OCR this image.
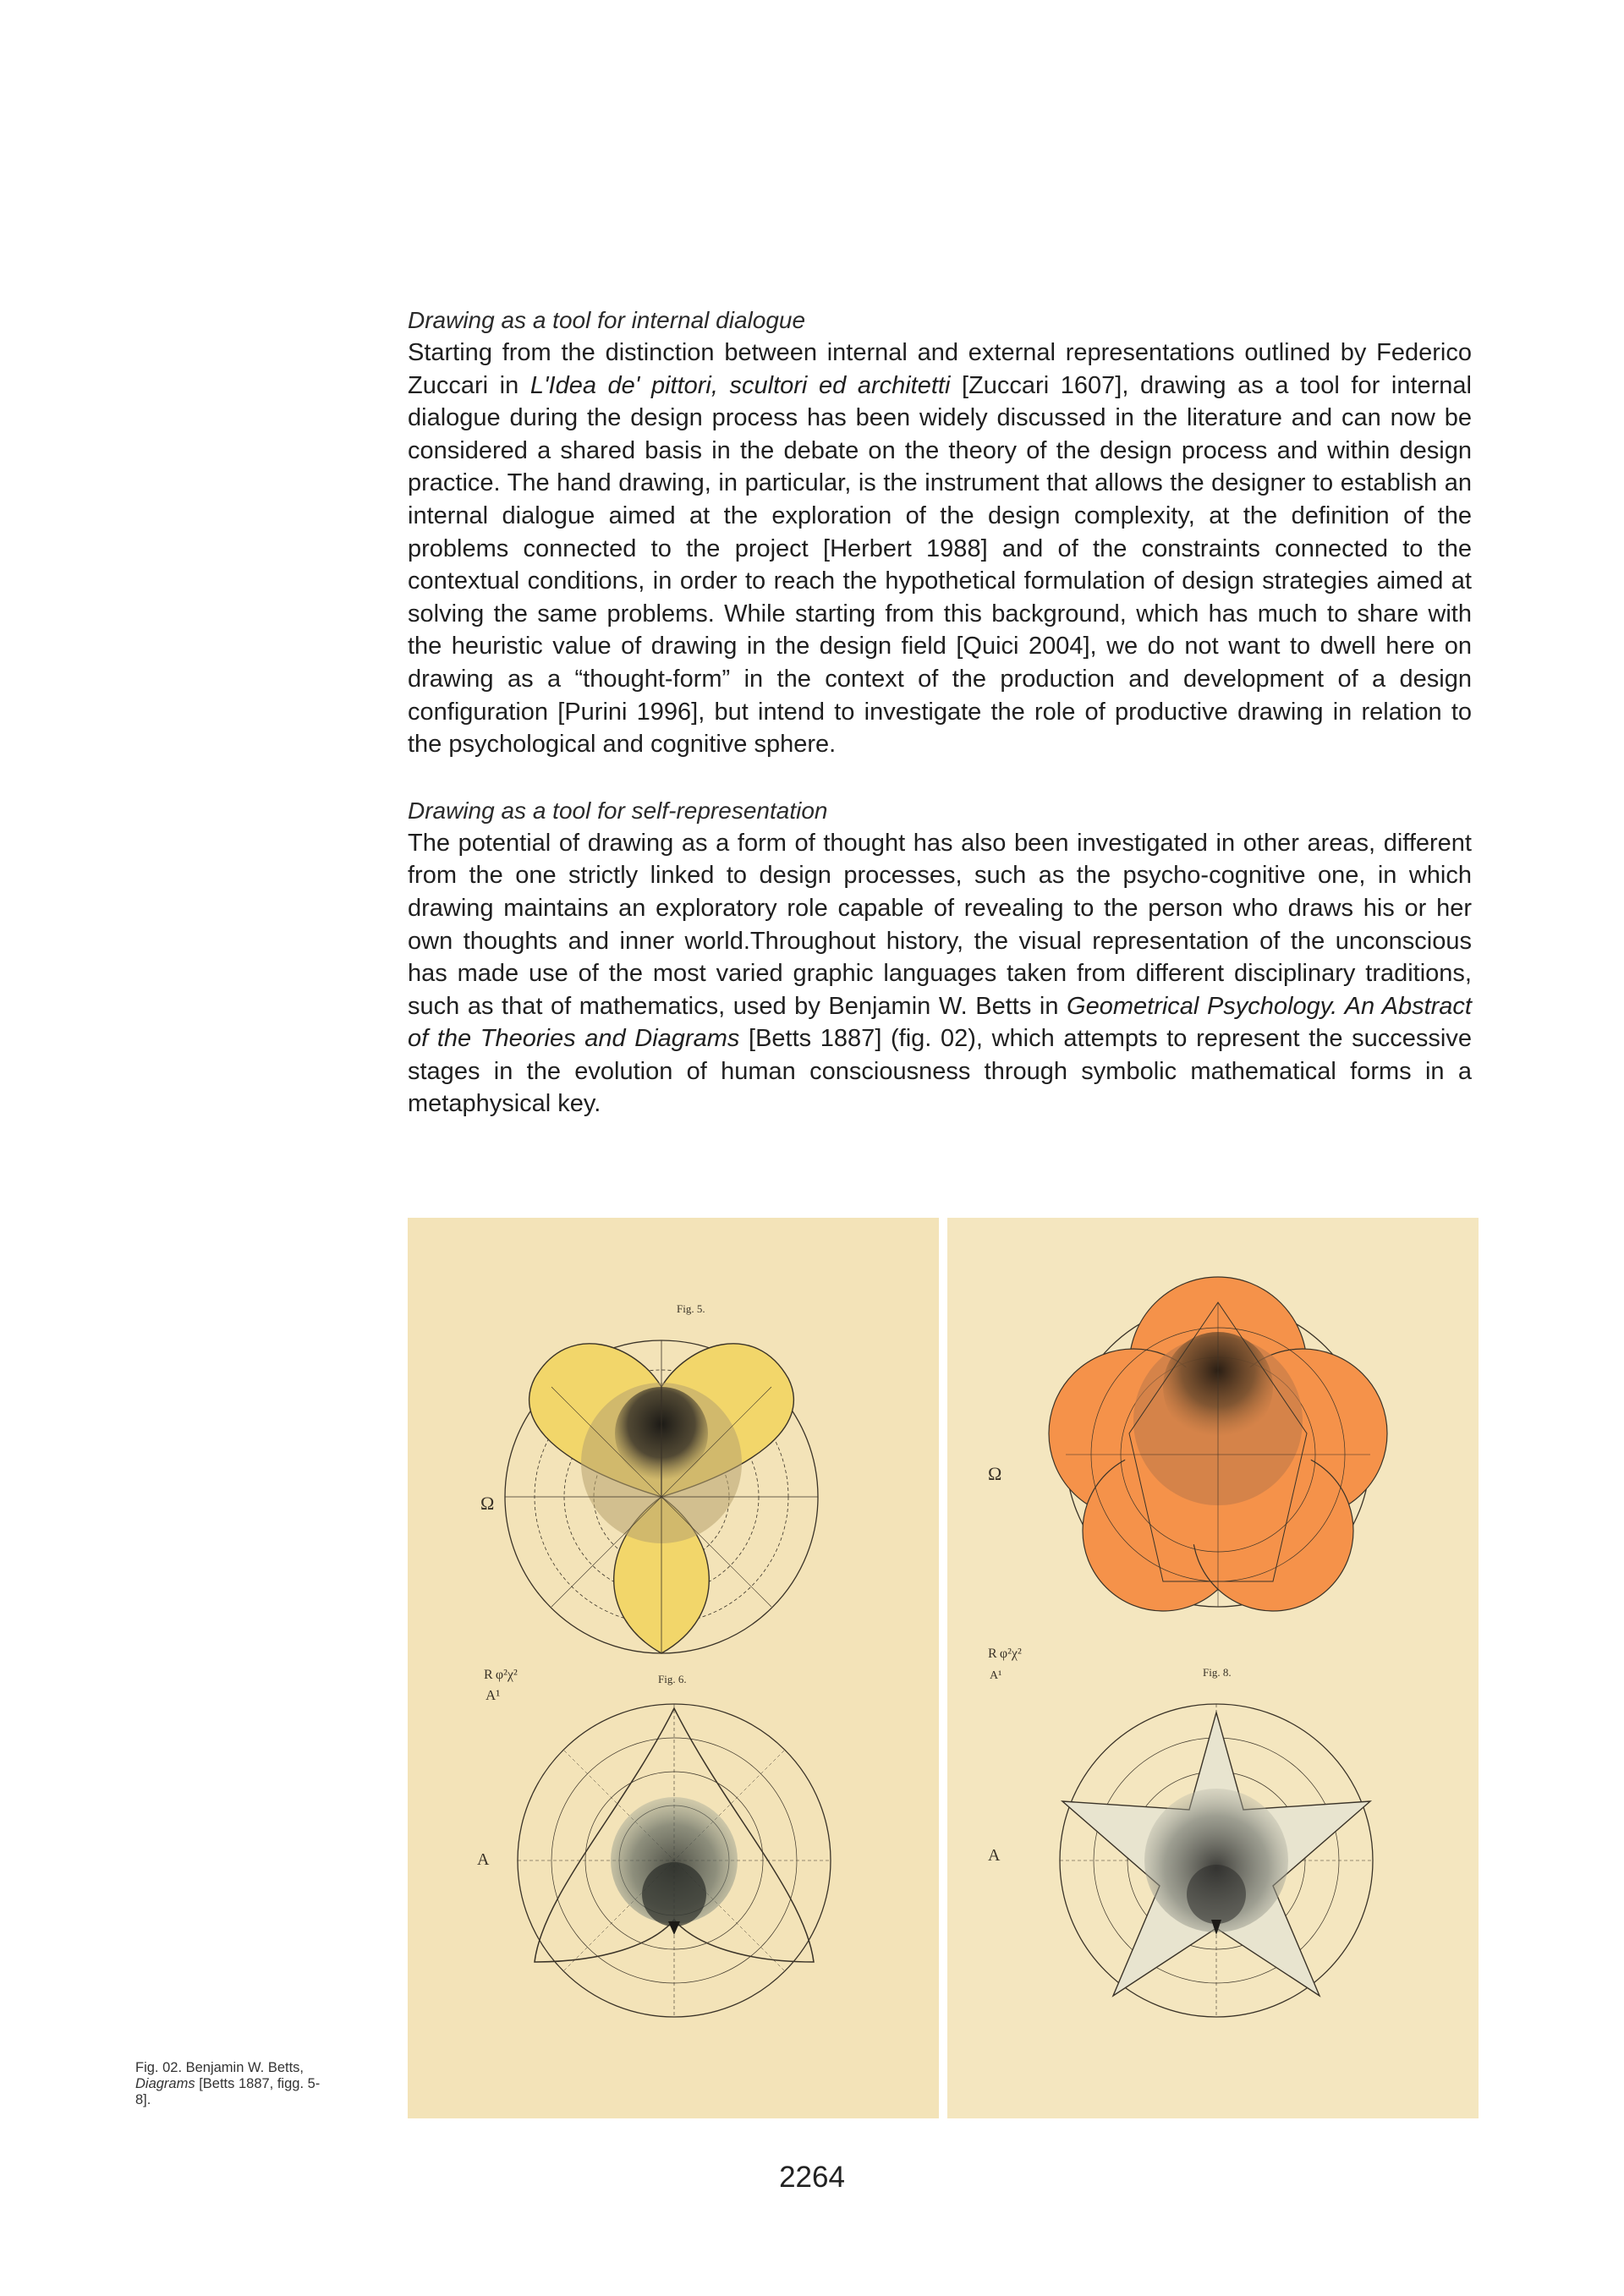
Drawing as a tool for internal dialogue

Starting from the distinction between internal and external representations outlined by Federico Zuccari in L'Idea de' pittori, scultori ed architetti [Zuccari 1607], drawing as a tool for internal dialogue during the design process has been widely discussed in the literature and can now be considered a shared basis in the debate on the theory of the design process and within design practice. The hand drawing, in particular, is the instrument that allows the designer to establish an internal dialogue aimed at the exploration of the design complexity, at the definition of the problems connected to the project [Herbert 1988] and of the constraints connected to the contextual conditions, in order to reach the hypothetical formulation of design strategies aimed at solving the same problems. While starting from this background, which has much to share with the heuristic value of drawing in the design field [Quici 2004], we do not want to dwell here on drawing as a “thought-form” in the context of the production and development of a design configuration [Purini 1996], but intend to investigate the role of productive drawing in relation to the psychological and cognitive sphere.

Drawing as a tool for self-representation

The potential of drawing as a form of thought has also been investigated in other areas, different from the one strictly linked to design processes, such as the psycho-cognitive one, in which drawing maintains an exploratory role capable of revealing to the person who draws his or her own thoughts and inner world.Throughout history, the visual representation of the unconscious has made use of the most varied graphic languages taken from different disciplinary traditions, such as that of mathematics, used by Benjamin W. Betts in Geometrical Psychology. An Abstract of the Theories and Diagrams [Betts 1887] (fig. 02), which attempts to represent the successive stages in the evolution of human consciousness through symbolic mathematical forms in a metaphysical key.

Fig. 5.
Ω
R φ²χ²
A¹
Fig. 6.
A
Ω
R φ²χ²
A¹	Fig. 8.
A
Fig. 02. Benjamin W. Betts, Diagrams [Betts 1887, figg. 5-8].
2264
